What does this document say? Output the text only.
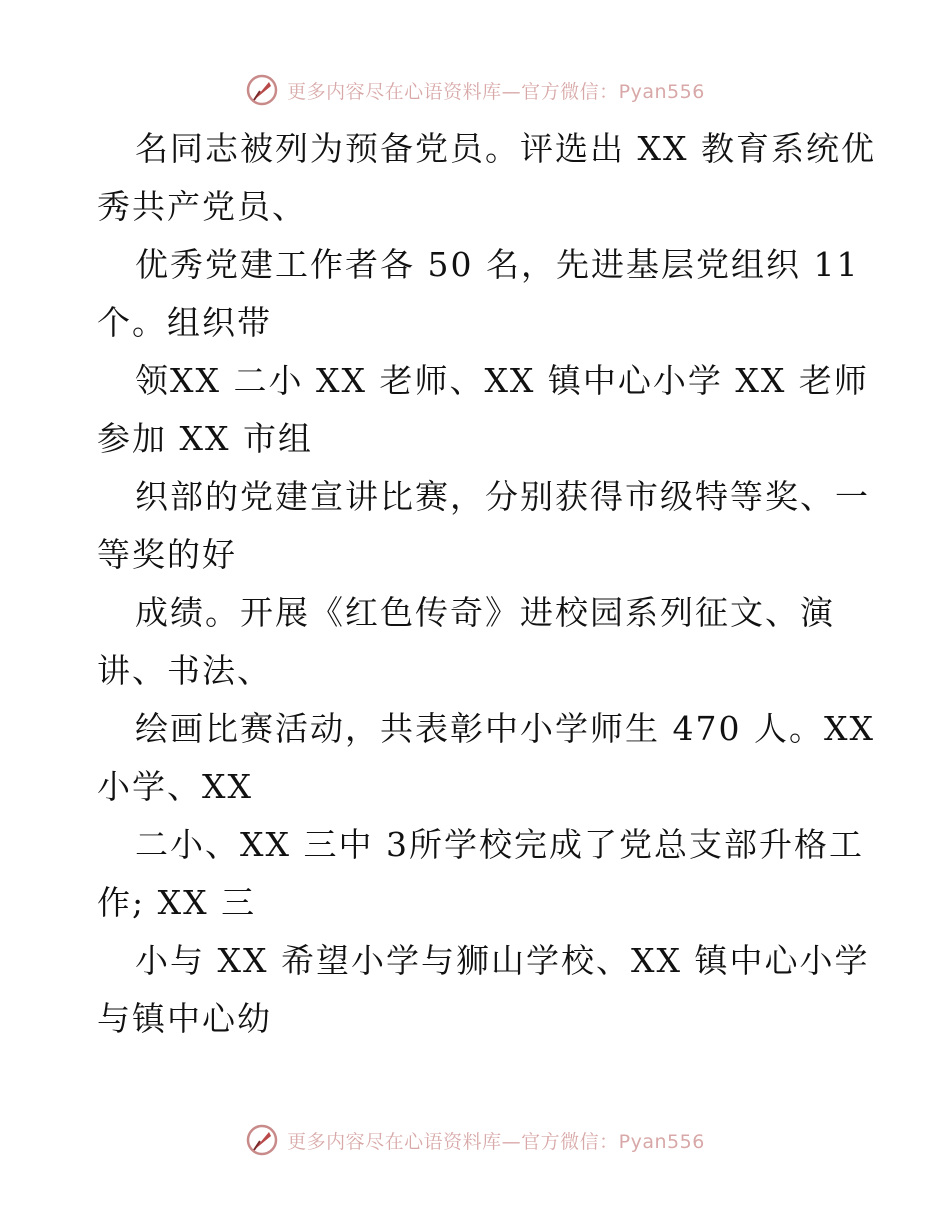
更多内容尽在心语资料库—官方微信：Pyan556
名同志被列为预备党员。评选出 XX 教育系统优
秀共产党员、
优秀党建工作者各 50 名，先进基层党组织 11
个。组织带
领XX 二小 XX 老师、XX 镇中心小学 XX 老师
参加 XX 市组
织部的党建宣讲比赛，分别获得市级特等奖、一
等奖的好
成绩。开展《红色传奇》进校园系列征文、演
讲、书法、
绘画比赛活动，共表彰中小学师生 470 人。XX
小学、XX
二小、XX 三中 3所学校完成了党总支部升格工
作; XX 三
小与 XX 希望小学与狮山学校、XX 镇中心小学
与镇中心幼
更多内容尽在心语资料库—官方微信：Pyan556
